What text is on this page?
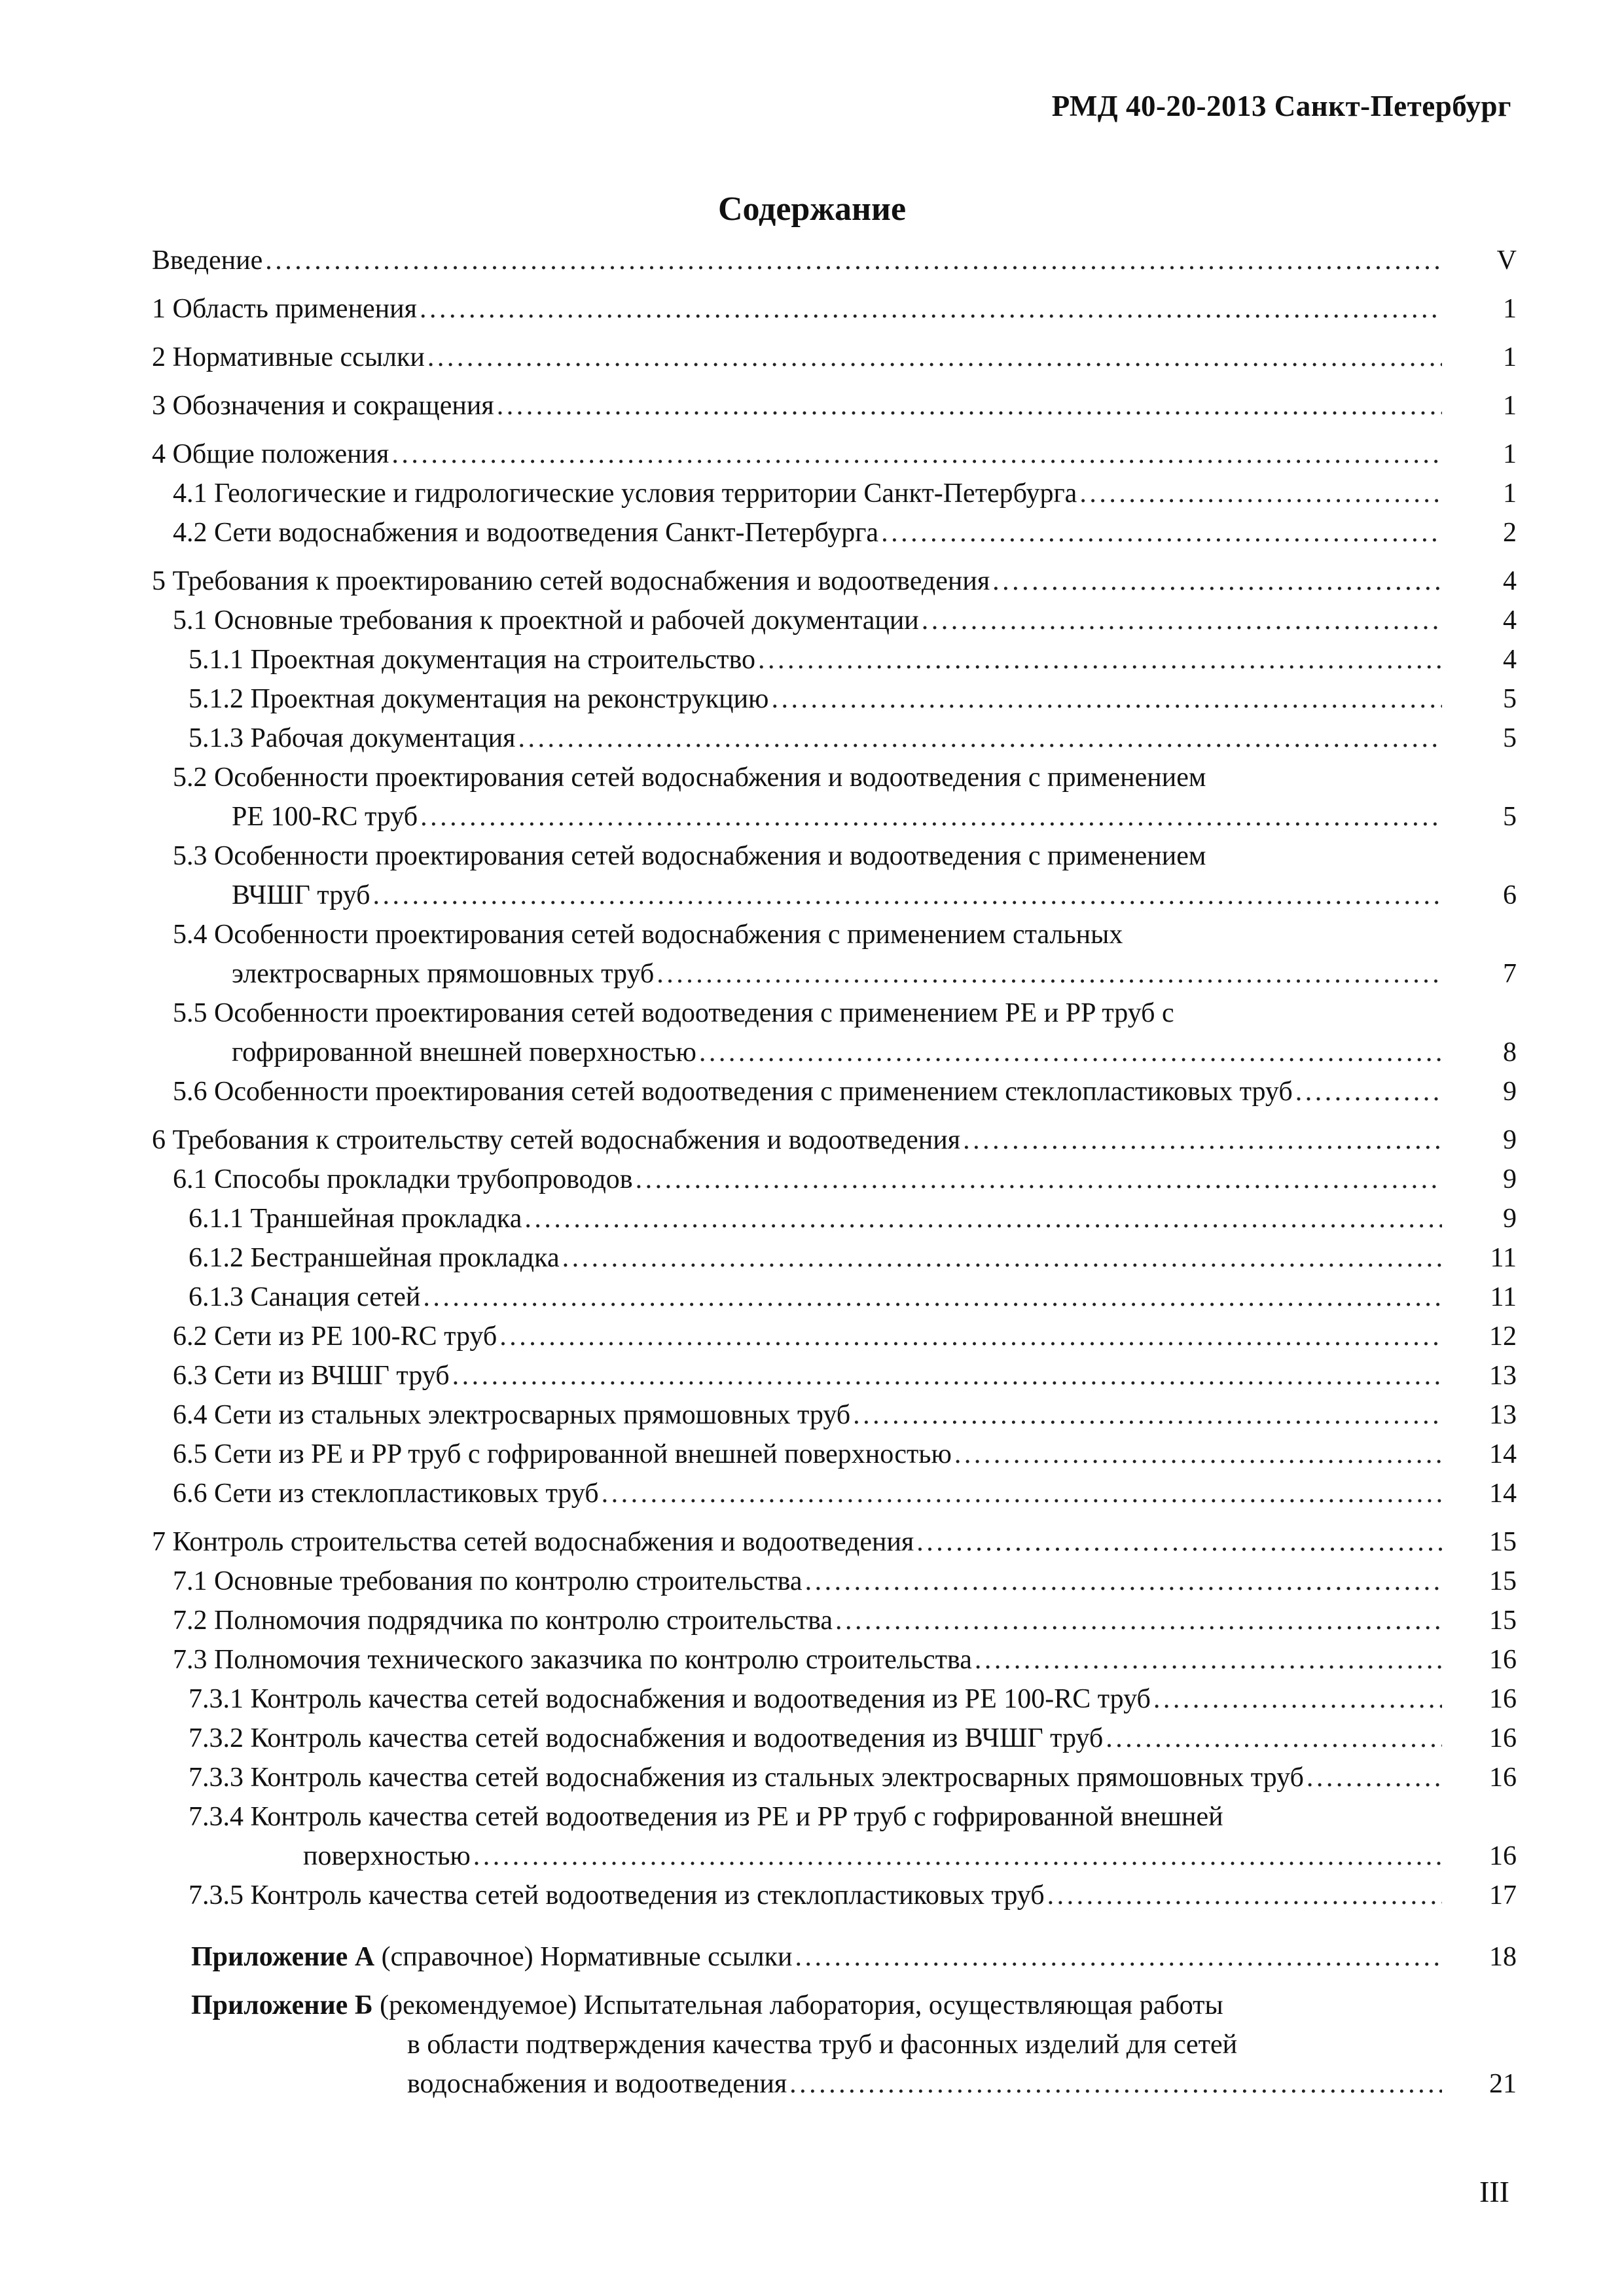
РМД 40-20-2013 Санкт-Петербург
Содержание
Введение . . .	V
1 Область применения . . .	1
2 Нормативные ссылки . . .	1
3 Обозначения и сокращения . . .	1
4 Общие положения . . .	1
4.1 Геологические и гидрологические условия территории Санкт-Петербурга . . .	1
4.2 Сети водоснабжения и водоотведения Санкт-Петербурга . . .	2
5 Требования к проектированию сетей водоснабжения и водоотведения . . .	4
5.1 Основные требования к проектной и рабочей документации . . .	4
5.1.1 Проектная документация на строительство . . .	4
5.1.2 Проектная документация на реконструкцию . . .	5
5.1.3 Рабочая документация . . .	5
5.2 Особенности проектирования сетей водоснабжения и водоотведения с применением
PE 100-RC труб . . .	5
5.3 Особенности проектирования сетей водоснабжения и водоотведения с применением
ВЧШГ труб . . .	6
5.4 Особенности проектирования сетей водоснабжения с применением стальных
электросварных прямошовных труб . . .	7
5.5 Особенности проектирования сетей водоотведения с применением PE и PP труб с
гофрированной внешней поверхностью . . .	8
5.6 Особенности проектирования сетей водоотведения с применением стеклопластиковых труб . . .	9
6 Требования к строительству сетей водоснабжения и водоотведения . . .	9
6.1 Способы прокладки трубопроводов . . .	9
6.1.1 Траншейная прокладка . . .	9
6.1.2 Бестраншейная прокладка . . .	11
6.1.3 Санация сетей . . .	11
6.2 Сети из PE 100-RC труб . . .	12
6.3 Сети из ВЧШГ труб . . .	13
6.4 Сети из стальных электросварных прямошовных труб . . .	13
6.5 Сети из PE и PP труб с гофрированной внешней поверхностью . . .	14
6.6 Сети из стеклопластиковых труб . . .	14
7 Контроль строительства сетей водоснабжения и водоотведения . . .	15
7.1 Основные требования по контролю строительства . . .	15
7.2 Полномочия подрядчика по контролю строительства . . .	15
7.3 Полномочия технического заказчика по контролю строительства . . .	16
7.3.1 Контроль качества сетей водоснабжения и водоотведения из PE 100-RC труб . . .	16
7.3.2 Контроль качества сетей водоснабжения и водоотведения из ВЧШГ труб . . .	16
7.3.3 Контроль качества сетей водоснабжения из стальных электросварных прямошовных труб . . .	16
7.3.4 Контроль качества сетей водоотведения из PE и PP труб с гофрированной внешней
поверхностью . . .	16
7.3.5 Контроль качества сетей водоотведения из стеклопластиковых труб . . .	17
Приложение А (справочное) Нормативные ссылки . . .	18
Приложение Б (рекомендуемое) Испытательная лаборатория, осуществляющая работы
в области подтверждения качества труб и фасонных изделий для сетей
водоснабжения и водоотведения . . .	21
III
